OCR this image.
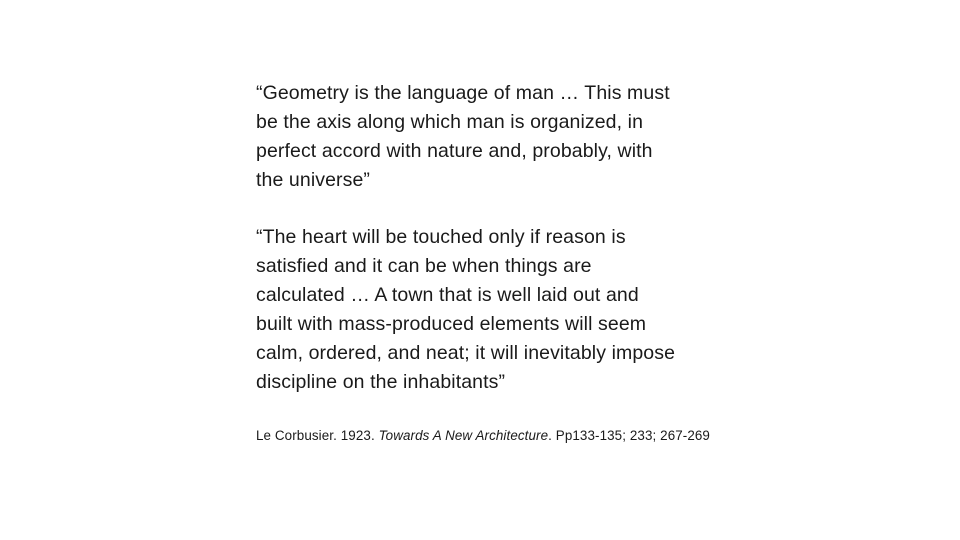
“Geometry is the language of man … This must
be the axis along which man is organized, in
perfect accord with nature and, probably, with
the universe”

“The heart will be touched only if reason is
satisfied and it can be when things are
calculated … A town that is well laid out and
built with mass-produced elements will seem
calm, ordered, and neat; it will inevitably impose
discipline on the inhabitants”

Le Corbusier. 1923. Towards A New Architecture. Pp133-135; 233; 267-269
